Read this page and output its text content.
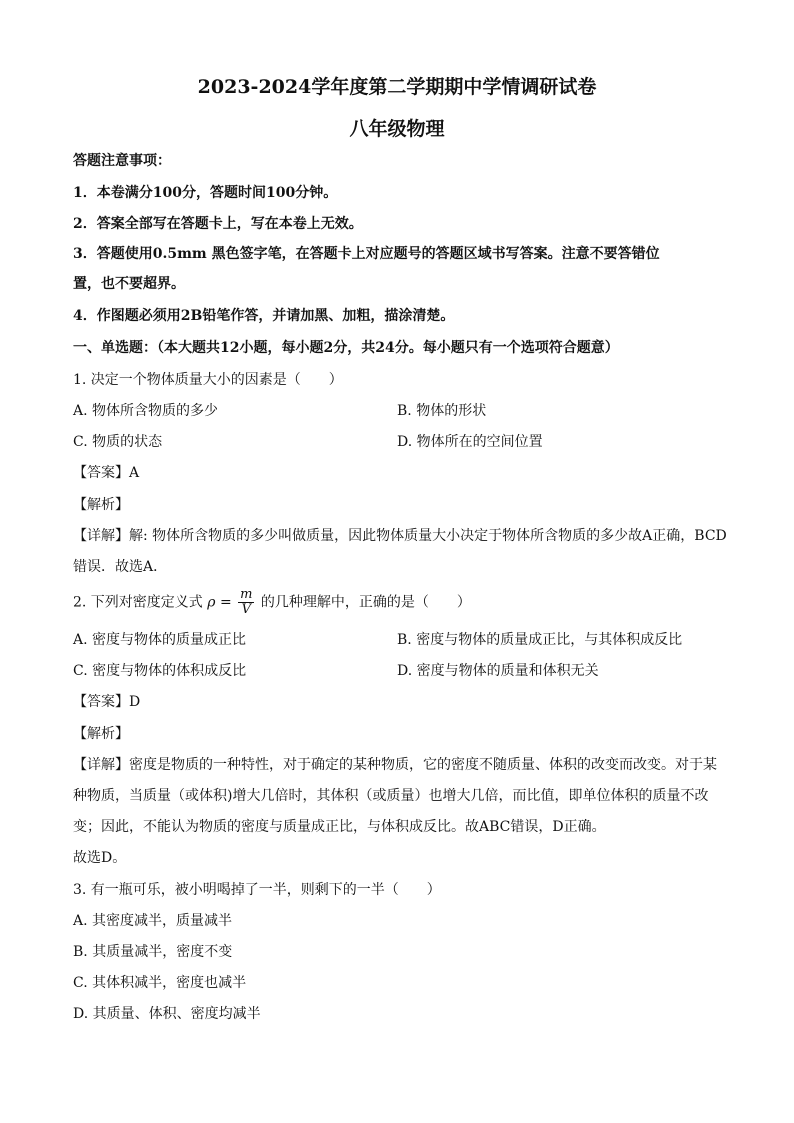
2023-2024学年度第二学期期中学情调研试卷
八年级物理
答题注意事项：
1．本卷满分100分，答题时间100分钟。
2．答案全部写在答题卡上，写在本卷上无效。
3．答题使用0.5mm 黑色签字笔，在答题卡上对应题号的答题区域书写答案。注意不要答错位
置，也不要超界。
4．作图题必须用2B铅笔作答，并请加黑、加粗，描涂清楚。
一、单选题：（本大题共12小题，每小题2分，共24分。每小题只有一个选项符合题意）
1. 决定一个物体质量大小的因素是（　　）
A. 物体所含物质的多少	B. 物体的形状
C. 物质的状态	D. 物体所在的空间位置
【答案】A
【解析】
【详解】解: 物体所含物质的多少叫做质量，因此物体质量大小决定于物体所含物质的多少故A正确，BCD
错误．故选A．
2. 下列对密度定义式 $\rho = \frac{m}{V}$ 的几种理解中，正确的是（　　）
A. 密度与物体的质量成正比	B. 密度与物体的质量成正比，与其体积成反比
C. 密度与物体的体积成反比	D. 密度与物体的质量和体积无关
【答案】D
【解析】
【详解】密度是物质的一种特性，对于确定的某种物质，它的密度不随质量、体积的改变而改变。对于某
种物质，当质量（或体积)增大几倍时，其体积（或质量）也增大几倍，而比值，即单位体积的质量不改
变；因此，不能认为物质的密度与质量成正比，与体积成反比。故ABC错误，D正确。
故选D。
3. 有一瓶可乐，被小明喝掉了一半，则剩下的一半（　　）
A. 其密度减半，质量减半
B. 其质量减半，密度不变
C. 其体积减半，密度也减半
D. 其质量、体积、密度均减半
